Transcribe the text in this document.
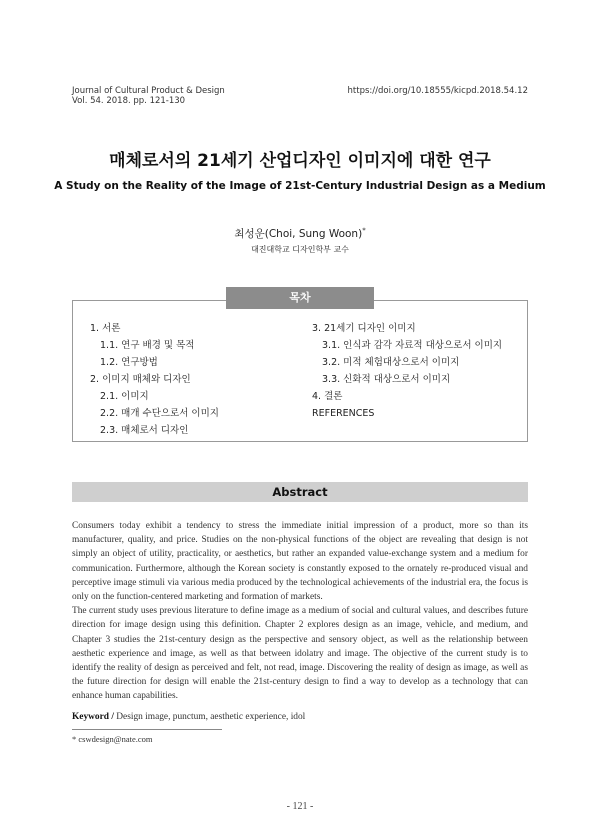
Journal of Cultural Product & Design
Vol. 54. 2018. pp. 121-130
https://doi.org/10.18555/kicpd.2018.54.12
매체로서의 21세기 산업디자인 이미지에 대한 연구
A Study on the Reality of the Image of 21st-Century Industrial Design as a Medium
최성운(Choi, Sung Woon)*
대진대학교 디자인학부 교수
목차
1. 서론
1.1. 연구 배경 및 목적
1.2. 연구방법
2. 이미지 매체와 디자인
2.1. 이미지
2.2. 매개 수단으로서 이미지
2.3. 매체로서 디자인
3. 21세기 디자인 이미지
3.1. 인식과 감각 자료적 대상으로서 이미지
3.2. 미적 체험대상으로서 이미지
3.3. 신화적 대상으로서 이미지
4. 결론
REFERENCES
Abstract

Consumers today exhibit a tendency to stress the immediate initial impression of a product, more so than its manufacturer, quality, and price. Studies on the non-physical functions of the object are revealing that design is not simply an object of utility, practicality, or aesthetics, but rather an expanded value-exchange system and a medium for communication. Furthermore, although the Korean society is constantly exposed to the ornately re-produced visual and perceptive image stimuli via various media produced by the technological achievements of the industrial era, the focus is only on the function-centered marketing and formation of markets.

The current study uses previous literature to define image as a medium of social and cultural values, and describes future direction for image design using this definition. Chapter 2 explores design as an image, vehicle, and medium, and Chapter 3 studies the 21st-century design as the perspective and sensory object, as well as the relationship between aesthetic experience and image, as well as that between idolatry and image. The objective of the current study is to identify the reality of design as perceived and felt, not read, image. Discovering the reality of design as image, as well as the future direction for design will enable the 21st-century design to find a way to develop as a technology that can enhance human capabilities.

Keyword / Design image, punctum, aesthetic experience, idol
* cswdesign@nate.com
- 121 -
